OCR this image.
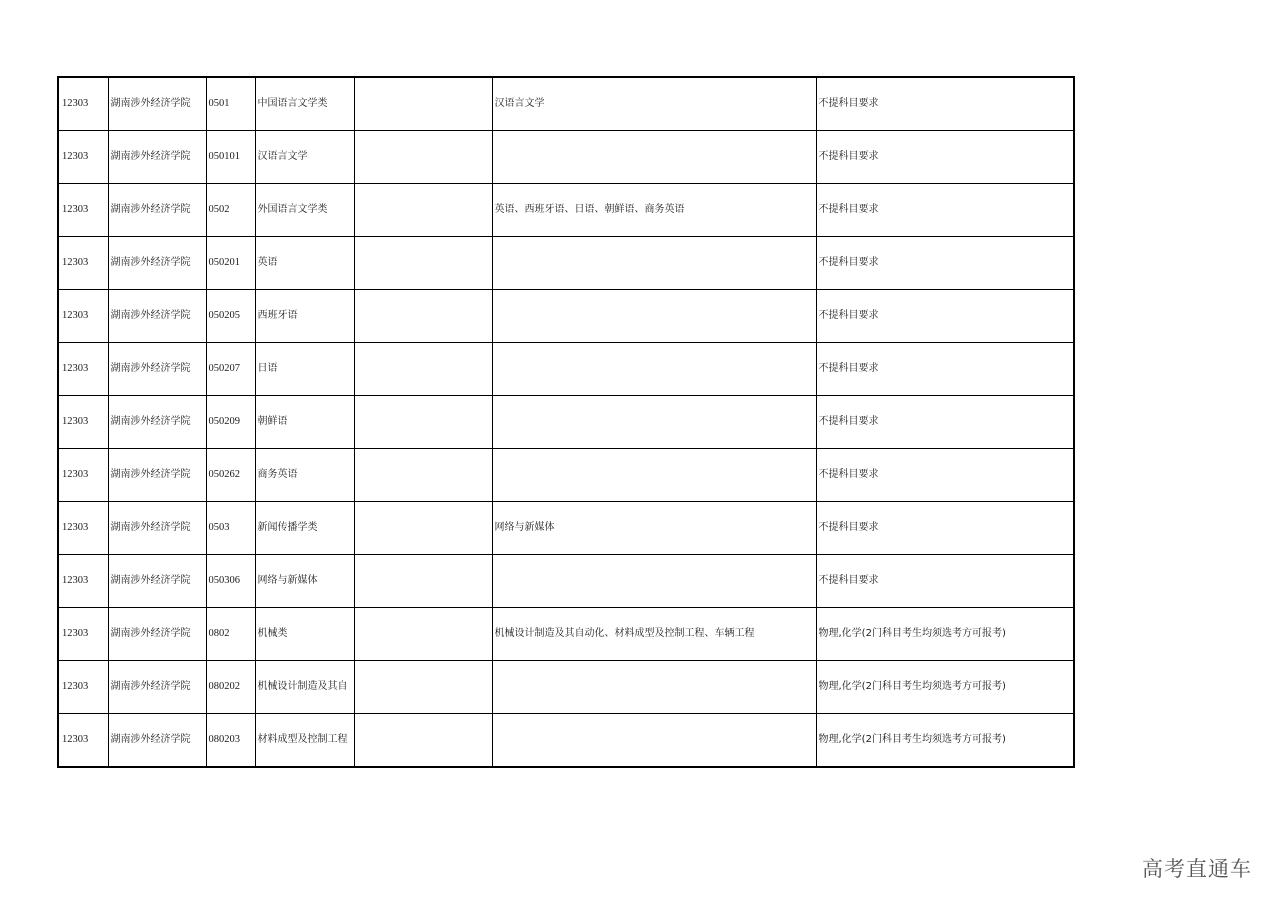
12303	湖南涉外经济学院	0501	中国语言文学类		汉语言文学	不提科目要求
12303	湖南涉外经济学院	050101	汉语言文学			不提科目要求
12303	湖南涉外经济学院	0502	外国语言文学类		英语、西班牙语、日语、朝鲜语、商务英语	不提科目要求
12303	湖南涉外经济学院	050201	英语			不提科目要求
12303	湖南涉外经济学院	050205	西班牙语			不提科目要求
12303	湖南涉外经济学院	050207	日语			不提科目要求
12303	湖南涉外经济学院	050209	朝鲜语			不提科目要求
12303	湖南涉外经济学院	050262	商务英语			不提科目要求
12303	湖南涉外经济学院	0503	新闻传播学类		网络与新媒体	不提科目要求
12303	湖南涉外经济学院	050306	网络与新媒体			不提科目要求
12303	湖南涉外经济学院	0802	机械类		机械设计制造及其自动化、材料成型及控制工程、车辆工程	物理,化学(2门科目考生均须选考方可报考)
12303	湖南涉外经济学院	080202	机械设计制造及其自			物理,化学(2门科目考生均须选考方可报考)
12303	湖南涉外经济学院	080203	材料成型及控制工程			物理,化学(2门科目考生均须选考方可报考)
高考直通车
